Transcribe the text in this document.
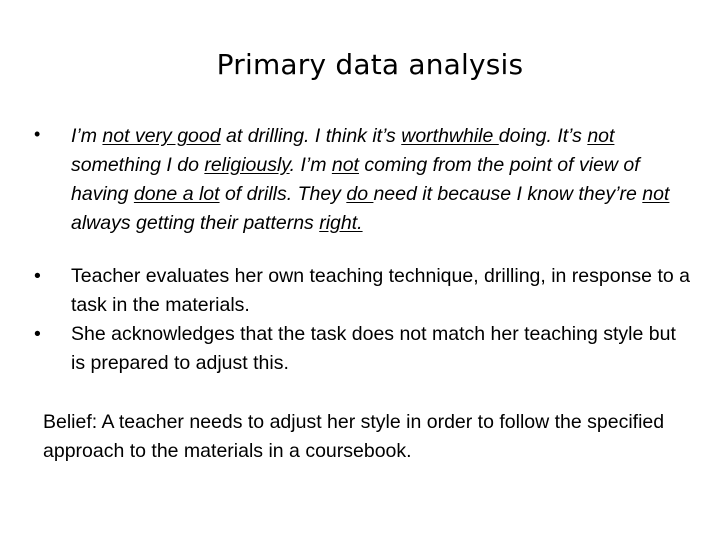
Primary data analysis
• I’m not very good at drilling. I think it’s worthwhile doing. It’s not something I do religiously. I’m not coming from the point of view of having done a lot of drills. They do need it because I know they’re not always getting their patterns right.
• Teacher evaluates her own teaching technique, drilling, in response to a task in the materials.
• She acknowledges that the task does not match her teaching style but is prepared to adjust this.
Belief: A teacher needs to adjust her style in order to follow the specified approach to the materials in a coursebook.
